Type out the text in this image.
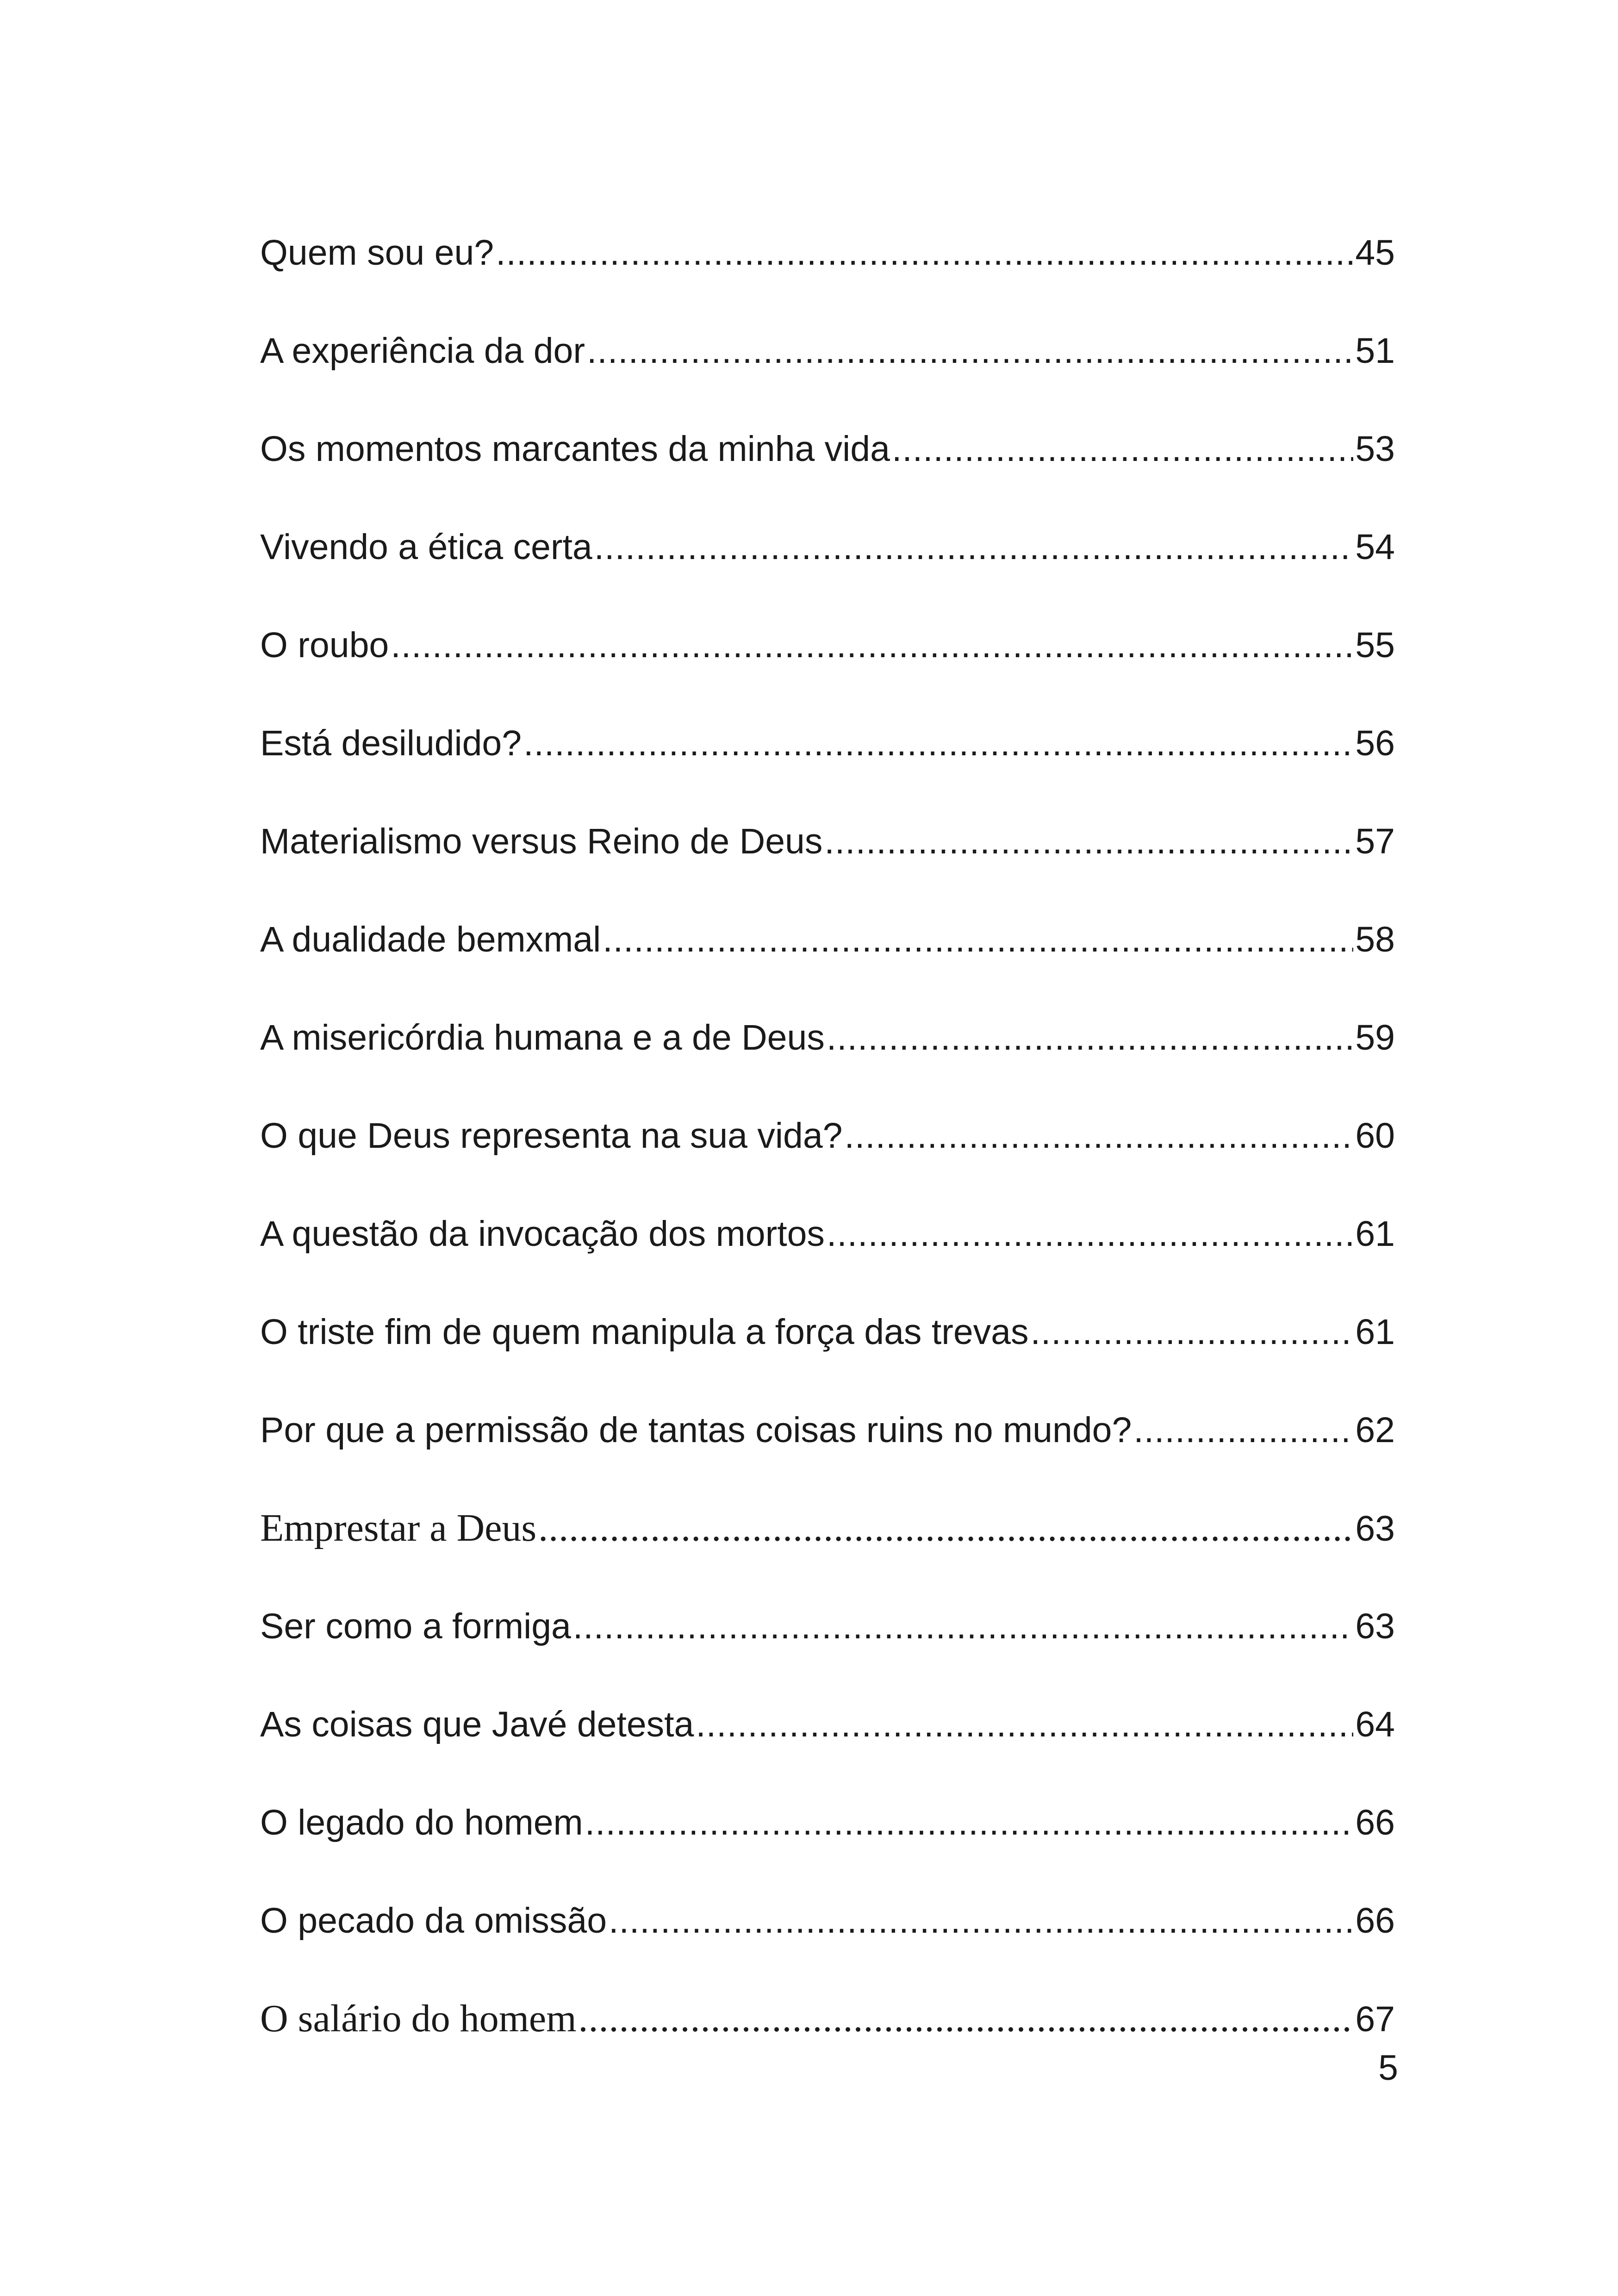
Quem sou eu? .....	45
A experiência da dor .....	51
Os momentos marcantes da minha vida .....	53
Vivendo a ética certa .....	54
O roubo .....	55
Está desiludido? .....	56
Materialismo versus Reino de Deus .....	57
A dualidade bemxmal .....	58
A misericórdia humana e a de Deus .....	59
O que Deus representa na sua vida? .....	60
A questão da invocação dos mortos .....	61
O triste fim de quem manipula a força das trevas .....	61
Por que a permissão de tantas coisas ruins no mundo? .....	62
Emprestar a Deus .....	63
Ser como a formiga .....	63
As coisas que Javé detesta .....	64
O legado do homem .....	66
O pecado da omissão .....	66
O salário do homem .....	67
5
